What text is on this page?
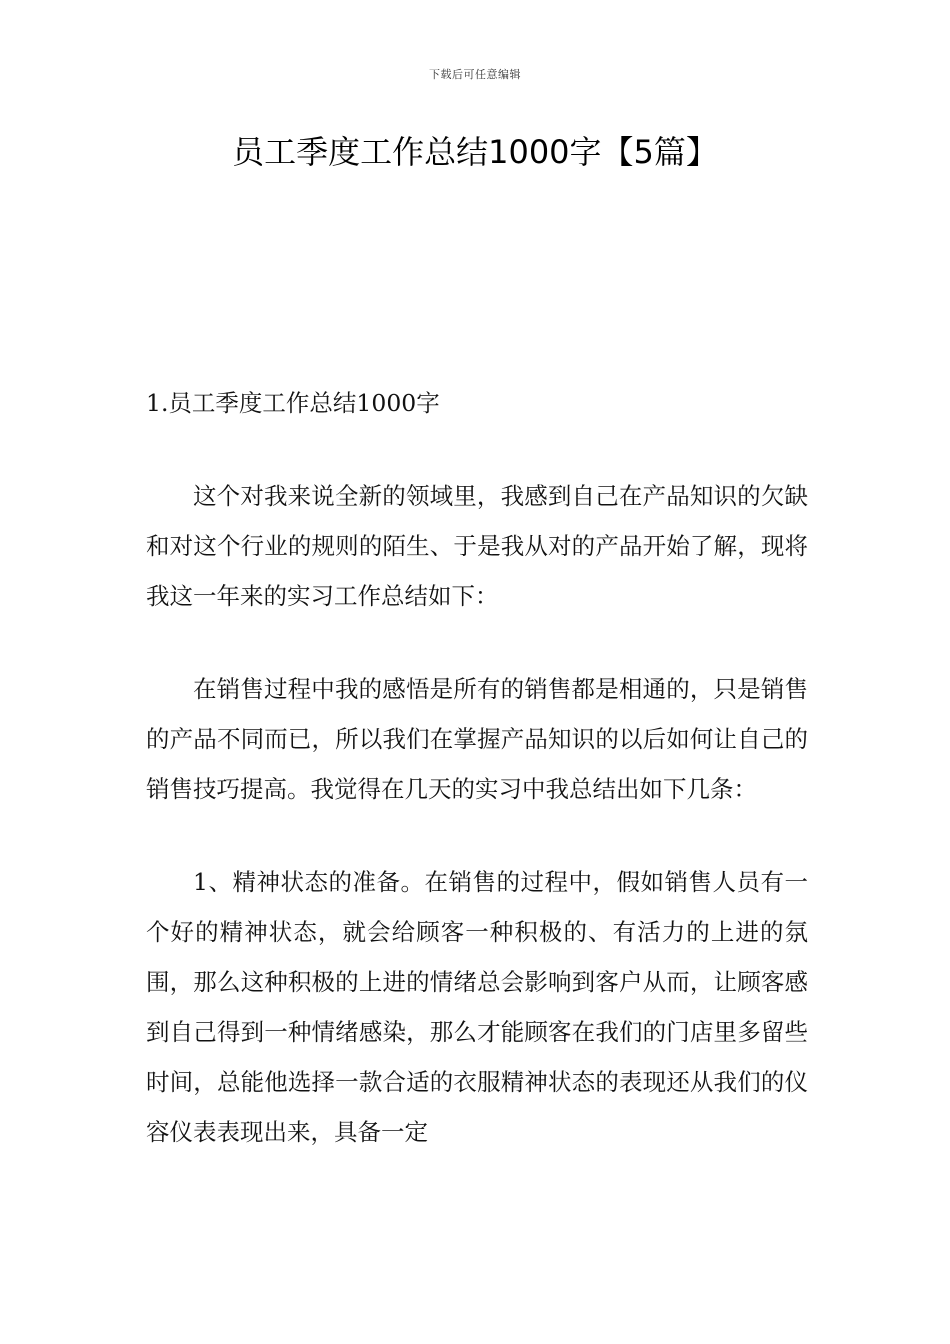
下载后可任意编辑
员工季度工作总结1000字【5篇】

1.员工季度工作总结1000字

这个对我来说全新的领域里，我感到自己在产品知识的欠缺和对这个行业的规则的陌生、于是我从对的产品开始了解，现将我这一年来的实习工作总结如下：

在销售过程中我的感悟是所有的销售都是相通的，只是销售的产品不同而已，所以我们在掌握产品知识的以后如何让自己的销售技巧提高。我觉得在几天的实习中我总结出如下几条：

1、精神状态的准备。在销售的过程中，假如销售人员有一个好的精神状态，就会给顾客一种积极的、有活力的上进的氛围，那么这种积极的上进的情绪总会影响到客户从而，让顾客感到自己得到一种情绪感染，那么才能顾客在我们的门店里多留些时间，总能他选择一款合适的衣服精神状态的表现还从我们的仪容仪表表现出来，具备一定
